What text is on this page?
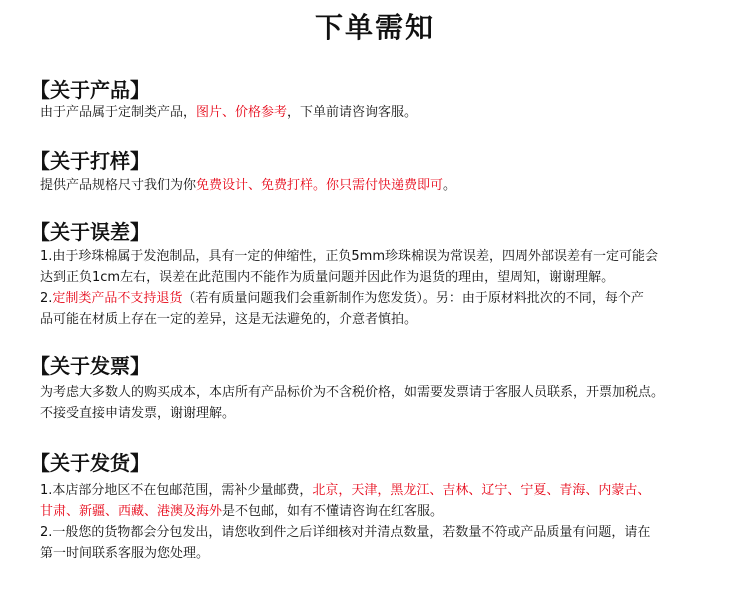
下单需知
【关于产品】
由于产品属于定制类产品，图片、价格参考，下单前请咨询客服。
【关于打样】
提供产品规格尺寸我们为你免费设计、免费打样。你只需付快递费即可。
【关于误差】
1.由于珍珠棉属于发泡制品，具有一定的伸缩性，正负5mm珍珠棉误为常误差，四周外部误差有一定可能会
达到正负1cm左右，误差在此范围内不能作为质量问题并因此作为退货的理由，望周知，谢谢理解。
2.定制类产品不支持退货（若有质量问题我们会重新制作为您发货）。另：由于原材料批次的不同，每个产
品可能在材质上存在一定的差异，这是无法避免的，介意者慎拍。
【关于发票】
为考虑大多数人的购买成本，本店所有产品标价为不含税价格，如需要发票请于客服人员联系，开票加税点。
不接受直接申请发票，谢谢理解。
【关于发货】
1.本店部分地区不在包邮范围，需补少量邮费，北京，天津，黑龙江、吉林、辽宁、宁夏、青海、内蒙古、
甘肃、新疆、西藏、港澳及海外是不包邮，如有不懂请咨询在红客服。
2.一般您的货物都会分包发出，请您收到件之后详细核对并清点数量，若数量不符或产品质量有问题，请在
第一时间联系客服为您处理。
